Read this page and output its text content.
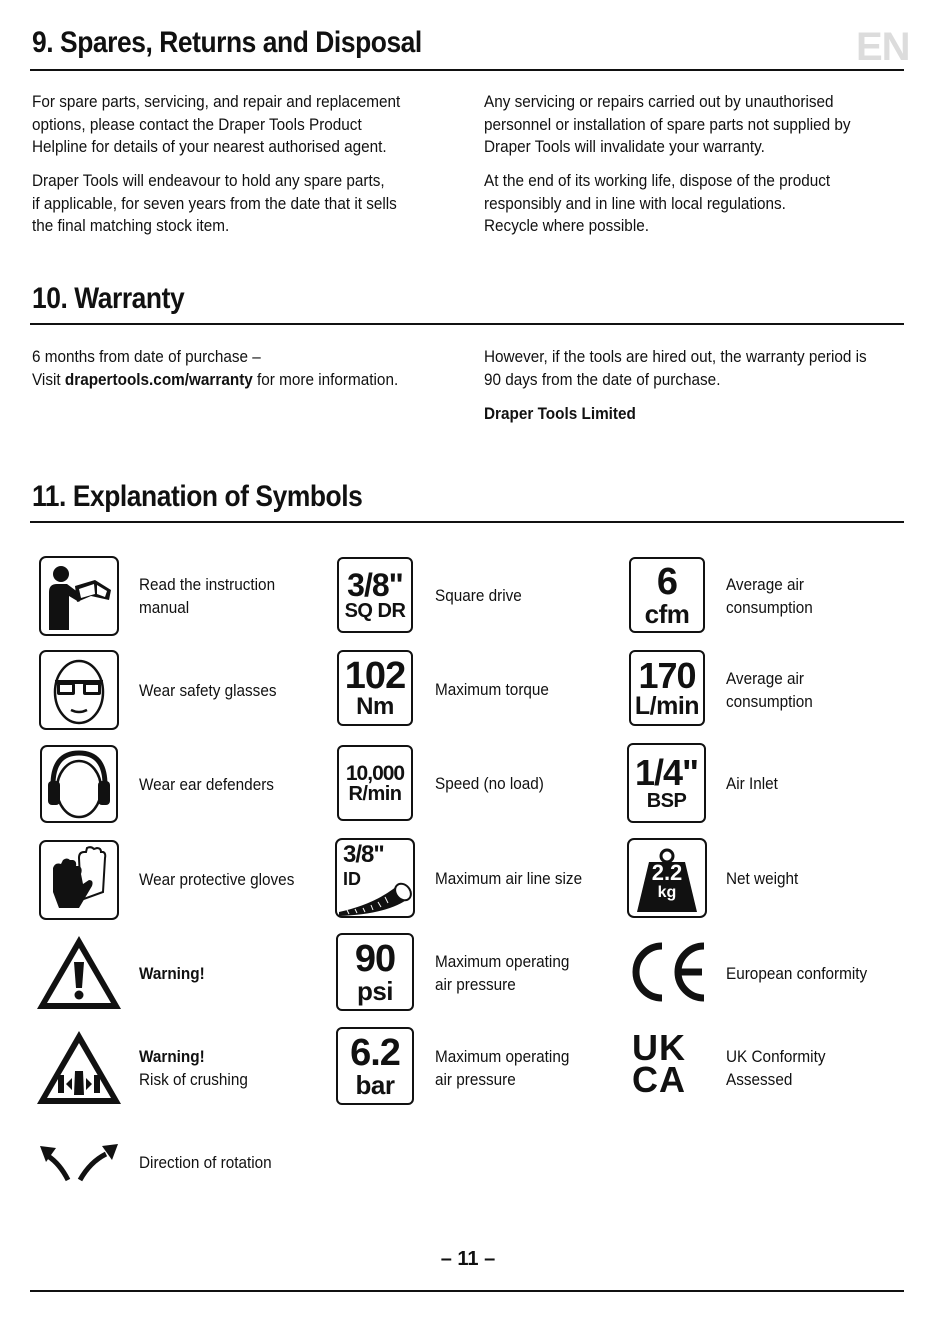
9. Spares, Returns and Disposal	EN

For spare parts, servicing, and repair and replacement
options, please contact the Draper Tools Product
Helpline for details of your nearest authorised agent.

Draper Tools will endeavour to hold any spare parts,
if applicable, for seven years from the date that it sells
the final matching stock item.

Any servicing or repairs carried out by unauthorised
personnel or installation of spare parts not supplied by
Draper Tools will invalidate your warranty.

At the end of its working life, dispose of the product
responsibly and in line with local regulations.
Recycle where possible.

10. Warranty

6 months from date of purchase –
Visit drapertools.com/warranty for more information.

However, if the tools are hired out, the warranty period is
90 days from the date of purchase.

Draper Tools Limited

11. Explanation of Symbols
Read the instruction
manual
Wear safety glasses
Wear ear defenders
Wear protective gloves
Warning!
Warning!
Risk of crushing
Direction of rotation
3/8"
SQ DR
Square drive
102
Nm
Maximum torque
10,000
R/min Speed (no load)
3/8"
ID	Maximum air line size
90
psi
Maximum operating
air pressure
6.2
bar
Maximum operating
air pressure
6
cfm
Average air
consumption
170
L/min
Average air
consumption
1/4"
BSP
Air Inlet
2.2
kg
Net weight
European conformity
UK
CA
UK Conformity
Assessed
– 11 –
